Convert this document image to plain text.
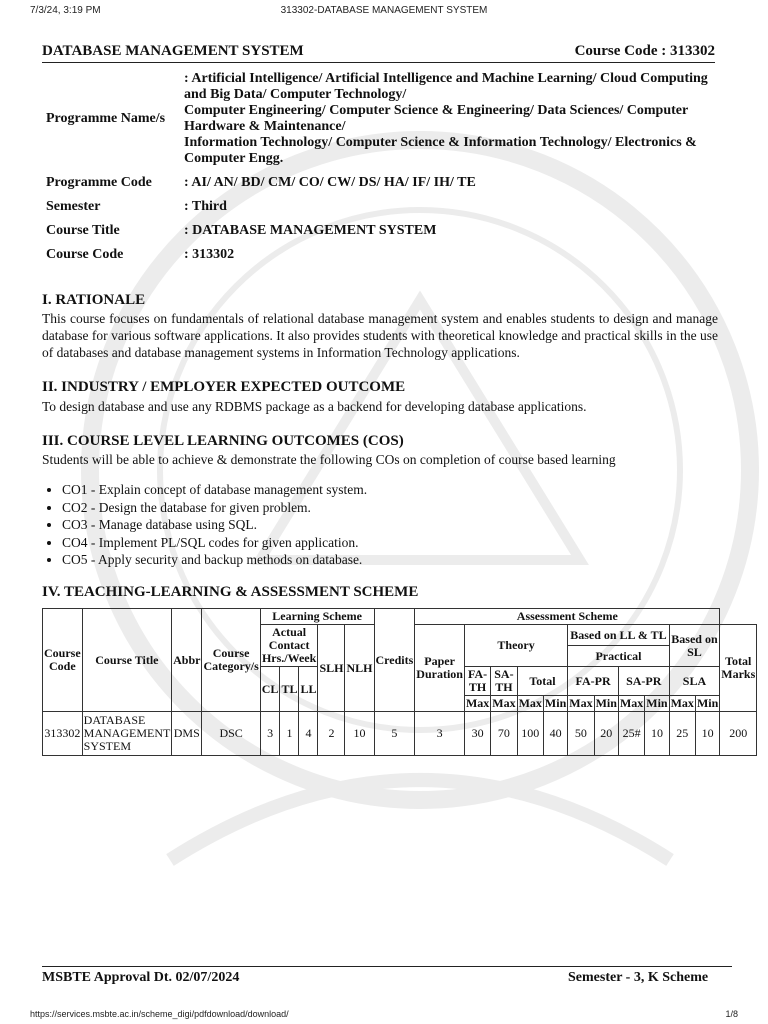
7/3/24, 3:19 PM	313302-DATABASE MANAGEMENT SYSTEM
DATABASE MANAGEMENT SYSTEM	Course Code : 313302
Programme Name/s	: Artificial Intelligence/ Artificial Intelligence and Machine Learning/ Cloud Computing and Big Data/ Computer Technology/
Computer Engineering/ Computer Science & Engineering/ Data Sciences/ Computer Hardware & Maintenance/
Information Technology/ Computer Science & Information Technology/ Electronics & Computer Engg.

Programme Code	: AI/ AN/ BD/ CM/ CO/ CW/ DS/ HA/ IF/ IH/ TE
Semester	: Third
Course Title	: DATABASE MANAGEMENT SYSTEM
Course Code	: 313302
I. RATIONALE
This course focuses on fundamentals of relational database management system and enables students to design and manage database for various software applications. It also provides students with theoretical knowledge and practical skills in the use of databases and database management systems in Information Technology applications.
II. INDUSTRY / EMPLOYER EXPECTED OUTCOME
To design database and use any RDBMS package as a backend for developing database applications.
III. COURSE LEVEL LEARNING OUTCOMES (COS)
Students will be able to achieve & demonstrate the following COs on completion of course based learning
• CO1 - Explain concept of database management system.
• CO2 - Design the database for given problem.
• CO3 - Manage database using SQL.
• CO4 - Implement PL/SQL codes for given application.
• CO5 - Apply security and backup methods on database.
IV. TEACHING-LEARNING & ASSESSMENT SCHEME
Course Code	Course Title	Abbr	Course Category/s	Learning Scheme					Credits	Assessment Scheme											
				Actual Contact Hrs./Week			SLH	NLH		Paper Duration	Theory				Based on LL & TL				Based on SL		Total Marks
															Practical						
				CL	TL	LL					FA-TH	SA-TH	Total		FA-PR		SA-PR		SLA		
											Max	Max	Max	Min	Max	Min	Max	Min	Max	Min	
313302	DATABASE MANAGEMENT SYSTEM	DMS	DSC	3	1	4	2	10	5	3	30	70	100	40	50	20	25#	10	25	10	200
MSBTE Approval Dt. 02/07/2024	Semester - 3, K Scheme
https://services.msbte.ac.in/scheme_digi/pdfdownload/download/	1/8
